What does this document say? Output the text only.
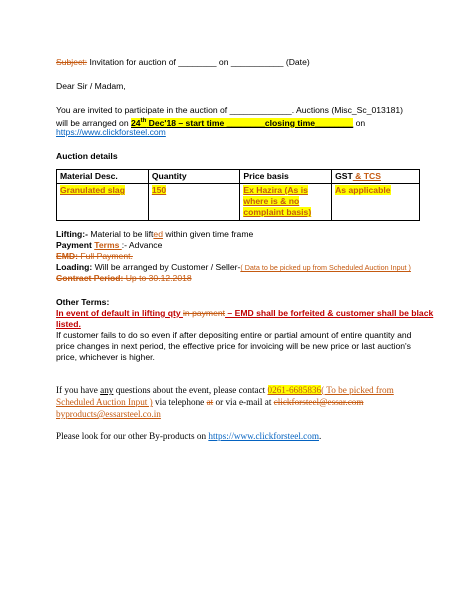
Subject: Invitation for auction of ________ on ___________ (Date)
Dear Sir / Madam,
You are invited to participate in the auction of _____________. Auctions (Misc_Sc_013181)
will be arranged on 24th Dec'18 – start time ________closing time________ on
https://www.clickforsteel.com
Auction details
Material Desc.	Quantity	Price basis	GST & TCS
Granulated slag	150	Ex Hazira (As is where is & no complaint basis)	As applicable
Lifting:- Material to be lifted within given time frame
Payment Terms :- Advance
EMD: Full Payment.
Loading: Will be arranged by Customer / Seller-( Data to be picked up from Scheduled Auction Input )
Contract Period: Up to 30.12.2018
Other Terms:
In event of default in lifting qty in payment – EMD shall be forfeited & customer shall be black
listed.
If customer fails to do so even if after depositing entire or partial amount of entire quantity and
price changes in next period, the effective price for invoicing will be new price or last auction's
price, whichever is higher.
If you have any questions about the event, please contact 0261-6685836( To be picked from
Scheduled Auction Input ) via telephone at or via e-mail at clickforsteel@essar.com
byproducts@essarsteel.co.in
Please look for our other By-products on https://www.clickforsteel.com.
